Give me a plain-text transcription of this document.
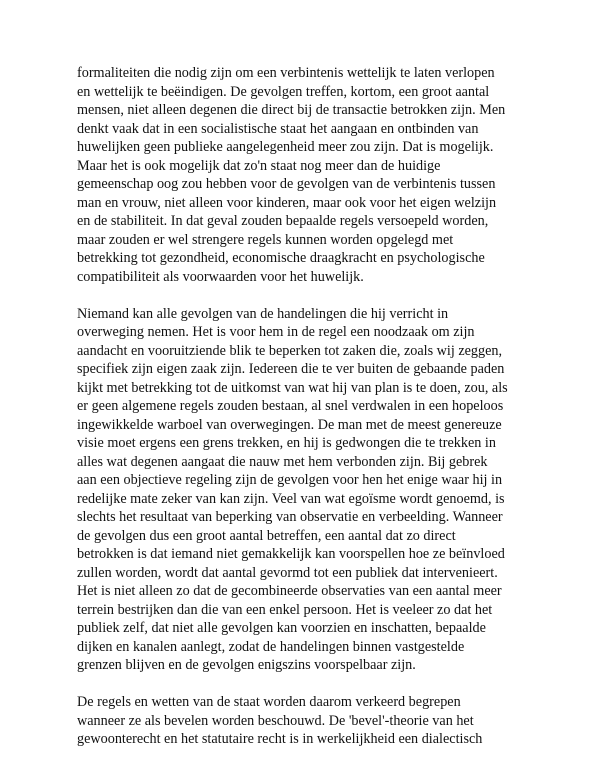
formaliteiten die nodig zijn om een verbintenis wettelijk te laten verlopen
en wettelijk te beëindigen. De gevolgen treffen, kortom, een groot aantal
mensen, niet alleen degenen die direct bij de transactie betrokken zijn. Men
denkt vaak dat in een socialistische staat het aangaan en ontbinden van
huwelijken geen publieke aangelegenheid meer zou zijn. Dat is mogelijk.
Maar het is ook mogelijk dat zo'n staat nog meer dan de huidige
gemeenschap oog zou hebben voor de gevolgen van de verbintenis tussen
man en vrouw, niet alleen voor kinderen, maar ook voor het eigen welzijn
en de stabiliteit. In dat geval zouden bepaalde regels versoepeld worden,
maar zouden er wel strengere regels kunnen worden opgelegd met
betrekking tot gezondheid, economische draagkracht en psychologische
compatibiliteit als voorwaarden voor het huwelijk.

Niemand kan alle gevolgen van de handelingen die hij verricht in
overweging nemen. Het is voor hem in de regel een noodzaak om zijn
aandacht en vooruitziende blik te beperken tot zaken die, zoals wij zeggen,
specifiek zijn eigen zaak zijn. Iedereen die te ver buiten de gebaande paden
kijkt met betrekking tot de uitkomst van wat hij van plan is te doen, zou, als
er geen algemene regels zouden bestaan, al snel verdwalen in een hopeloos
ingewikkelde warboel van overwegingen. De man met de meest genereuze
visie moet ergens een grens trekken, en hij is gedwongen die te trekken in
alles wat degenen aangaat die nauw met hem verbonden zijn. Bij gebrek
aan een objectieve regeling zijn de gevolgen voor hen het enige waar hij in
redelijke mate zeker van kan zijn. Veel van wat egoïsme wordt genoemd, is
slechts het resultaat van beperking van observatie en verbeelding. Wanneer
de gevolgen dus een groot aantal betreffen, een aantal dat zo direct
betrokken is dat iemand niet gemakkelijk kan voorspellen hoe ze beïnvloed
zullen worden, wordt dat aantal gevormd tot een publiek dat intervenieert.
Het is niet alleen zo dat de gecombineerde observaties van een aantal meer
terrein bestrijken dan die van een enkel persoon. Het is veeleer zo dat het
publiek zelf, dat niet alle gevolgen kan voorzien en inschatten, bepaalde
dijken en kanalen aanlegt, zodat de handelingen binnen vastgestelde
grenzen blijven en de gevolgen enigszins voorspelbaar zijn.

De regels en wetten van de staat worden daarom verkeerd begrepen
wanneer ze als bevelen worden beschouwd. De 'bevel'-theorie van het
gewoonterecht en het statutaire recht is in werkelijkheid een dialectisch
